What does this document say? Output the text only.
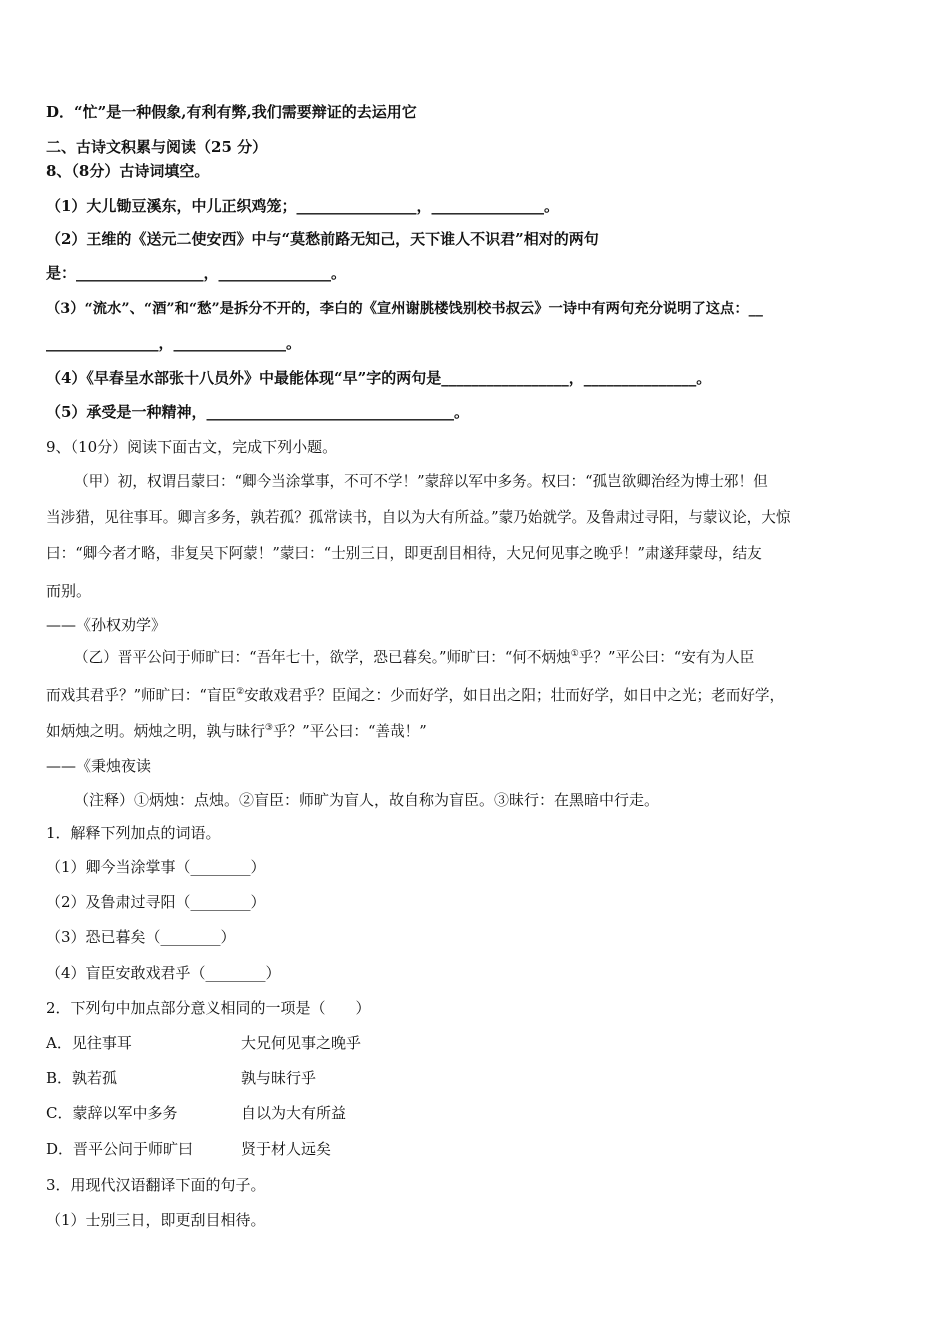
D．“忙”是一种假象,有利有弊,我们需要辩证的去运用它
二、古诗文积累与阅读（25 分）
8、（8分）古诗词填空。
（1）大儿锄豆溪东，中儿正织鸡笼；________________，_______________。
（2）王维的《送元二使安西》中与“莫愁前路无知己，天下谁人不识君”相对的两句
是：_________________，_______________。
（3）“流水”、“酒”和“愁”是拆分不开的，李白的《宣州谢朓楼饯别校书叔云》一诗中有两句充分说明了这点：__
_______________，_______________。
（4）《早春呈水部张十八员外》中最能体现“早”字的两句是_________________，_______________。
（5）承受是一种精神，_________________________________。
9、（10分）阅读下面古文，完成下列小题。
（甲）初，权谓吕蒙曰：“卿今当涂掌事，不可不学！”蒙辞以军中多务。权曰：“孤岂欲卿治经为博士邪！但
当涉猎，见往事耳。卿言多务，孰若孤？孤常读书，自以为大有所益。”蒙乃始就学。及鲁肃过寻阳，与蒙议论，大惊
曰：“卿今者才略，非复吴下阿蒙！”蒙曰：“士别三日，即更刮目相待，大兄何见事之晚乎！”肃遂拜蒙母，结友
而别。
——《孙权劝学》
（乙）晋平公问于师旷曰：“吾年七十，欲学，恐已暮矣。”师旷曰：“何不炳烛①乎？”平公曰：“安有为人臣
而戏其君乎？”师旷曰：“盲臣②安敢戏君乎？臣闻之：少而好学，如日出之阳；壮而好学，如日中之光；老而好学，
如炳烛之明。炳烛之明，孰与昧行③乎？”平公曰：“善哉！”
——《秉烛夜读
（注释）①炳烛：点烛。②盲臣：师旷为盲人，故自称为盲臣。③昧行：在黑暗中行走。
1．解释下列加点的词语。
（1）卿今当涂掌事（________）
（2）及鲁肃过寻阳（________）
（3）恐已暮矣（________）
（4）盲臣安敢戏君乎（________）
2．下列句中加点部分意义相同的一项是（　　）
A．见往事耳	大兄何见事之晚乎
B．孰若孤	孰与昧行乎
C．蒙辞以军中多务	自以为大有所益
D．晋平公问于师旷曰	贤于材人远矣
3．用现代汉语翻译下面的句子。
（1）士别三日，即更刮目相待。
